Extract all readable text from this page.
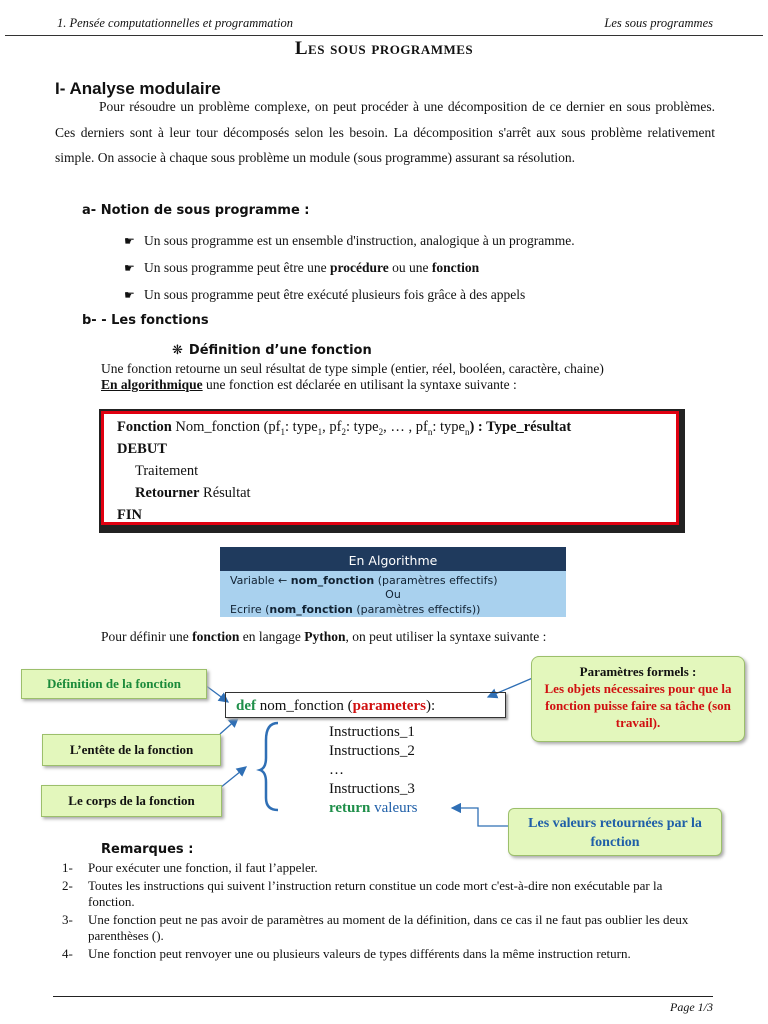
1. Pensée computationnelles et programmation	Les sous programmes
Les sous programmes
I- Analyse modulaire
Pour résoudre un problème complexe, on peut procéder à une décomposition de ce dernier en sous problèmes. Ces derniers sont à leur tour décomposés selon les besoin. La décomposition s'arrêt aux sous problème relativement simple. On associe à chaque sous problème un module (sous programme) assurant sa résolution.
a- Notion de sous programme :
☛ Un sous programme est un ensemble d'instruction, analogique à un programme.
☛ Un sous programme peut être une procédure ou une fonction
☛ Un sous programme peut être exécuté plusieurs fois grâce à des appels
b- - Les fonctions
❋ Définition d’une fonction
Une fonction retourne un seul résultat de type simple (entier, réel, booléen, caractère, chaine)
En algorithmique une fonction est déclarée en utilisant la syntaxe suivante :
Fonction Nom_fonction ($pf_1$: type$_1$, $pf_2$: type$_2$, … , $pf_n$: type$_n$) : Type_résultat
DEBUT
Traitement
Retourner Résultat
FIN
En Algorithme
Variable ← nom_fonction (paramètres effectifs)
Ou
Ecrire (nom_fonction (paramètres effectifs))
Pour définir une fonction en langage Python, on peut utiliser la syntaxe suivante :
Définition de la fonction
L’entête de la fonction
Le corps de la fonction
Paramètres formels :
Les objets nécessaires pour que la fonction puisse faire sa tâche (son travail).
Les valeurs retournées par la fonction
def nom_fonction (parameters):
Instructions_1
Instructions_2
…
Instructions_3
return valeurs
Remarques :
1- Pour exécuter une fonction, il faut l’appeler.
2- Toutes les instructions qui suivent l’instruction return constitue un code mort c'est-à-dire non exécutable par la fonction.
3- Une fonction peut ne pas avoir de paramètres au moment de la définition, dans ce cas il ne faut pas oublier les deux parenthèses ().
4- Une fonction peut renvoyer une ou plusieurs valeurs de types différents dans la même instruction return.
Page 1/3
